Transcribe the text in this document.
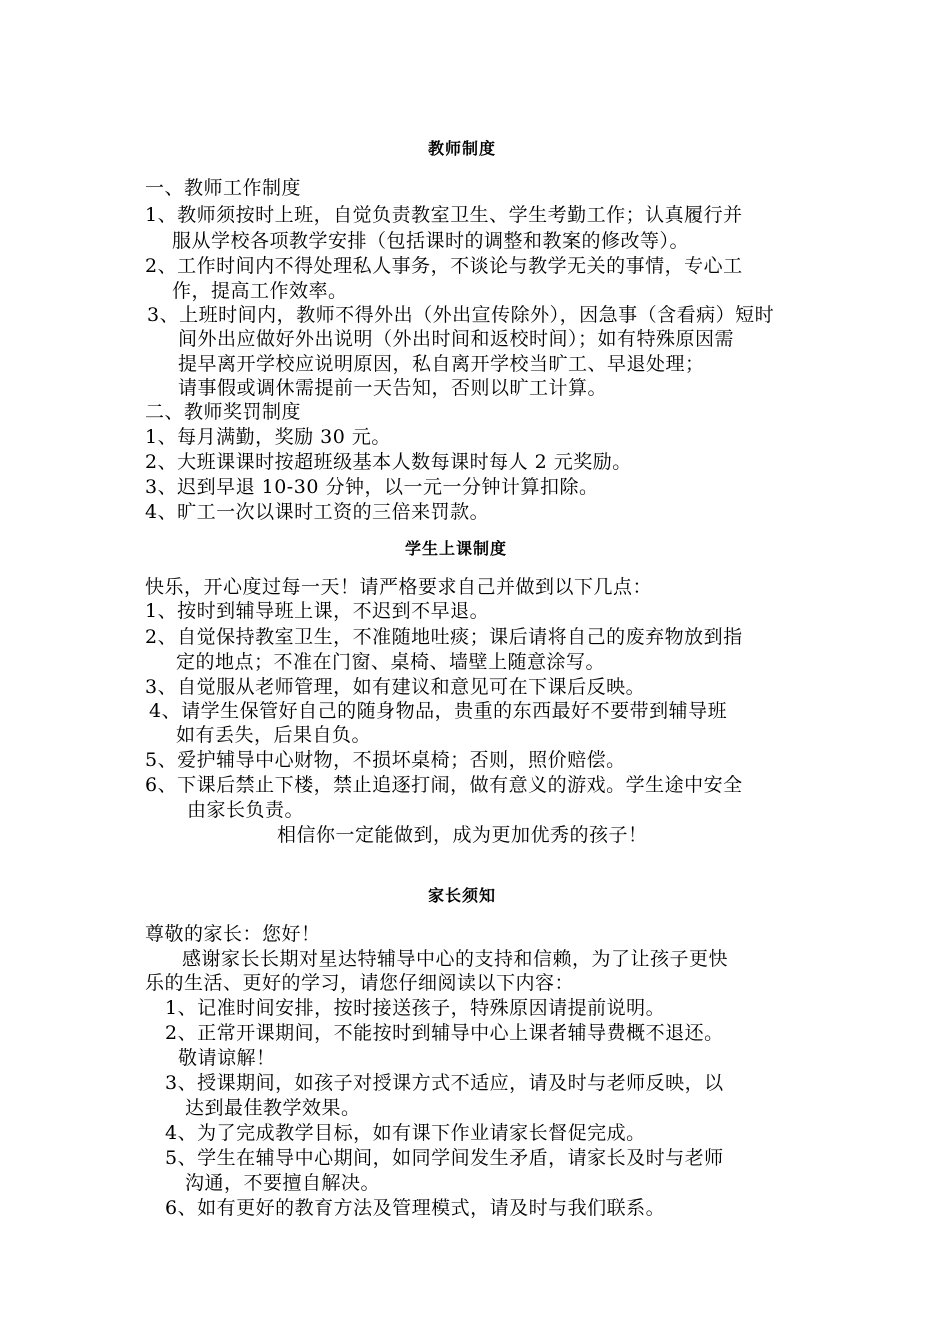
教师制度
一、教师工作制度
1、教师须按时上班，自觉负责教室卫生、学生考勤工作；认真履行并
服从学校各项教学安排（包括课时的调整和教案的修改等）。
2、工作时间内不得处理私人事务，不谈论与教学无关的事情，专心工
作，提高工作效率。
3、上班时间内，教师不得外出（外出宣传除外），因急事（含看病）短时
间外出应做好外出说明（外出时间和返校时间）；如有特殊原因需
提早离开学校应说明原因，私自离开学校当旷工、早退处理；
请事假或调休需提前一天告知，否则以旷工计算。
二、教师奖罚制度
1、每月满勤，奖励 30 元。
2、大班课课时按超班级基本人数每课时每人 2 元奖励。
3、迟到早退 10-30 分钟，以一元一分钟计算扣除。
4、旷工一次以课时工资的三倍来罚款。
学生上课制度
快乐，开心度过每一天！请严格要求自己并做到以下几点：
1、按时到辅导班上课，不迟到不早退。
2、自觉保持教室卫生，不准随地吐痰；课后请将自己的废弃物放到指
定的地点；不准在门窗、桌椅、墙壁上随意涂写。
3、自觉服从老师管理，如有建议和意见可在下课后反映。
4、请学生保管好自己的随身物品，贵重的东西最好不要带到辅导班
如有丢失，后果自负。
5、爱护辅导中心财物，不损坏桌椅；否则，照价赔偿。
6、下课后禁止下楼，禁止追逐打闹，做有意义的游戏。学生途中安全
由家长负责。
相信你一定能做到，成为更加优秀的孩子！
家长须知
尊敬的家长：您好！
感谢家长长期对星达特辅导中心的支持和信赖，为了让孩子更快
乐的生活、更好的学习，请您仔细阅读以下内容：
1、记准时间安排，按时接送孩子，特殊原因请提前说明。
2、正常开课期间，不能按时到辅导中心上课者辅导费概不退还。
敬请谅解！
3、授课期间，如孩子对授课方式不适应，请及时与老师反映，以
达到最佳教学效果。
4、为了完成教学目标，如有课下作业请家长督促完成。
5、学生在辅导中心期间，如同学间发生矛盾，请家长及时与老师
沟通，不要擅自解决。
6、如有更好的教育方法及管理模式，请及时与我们联系。
